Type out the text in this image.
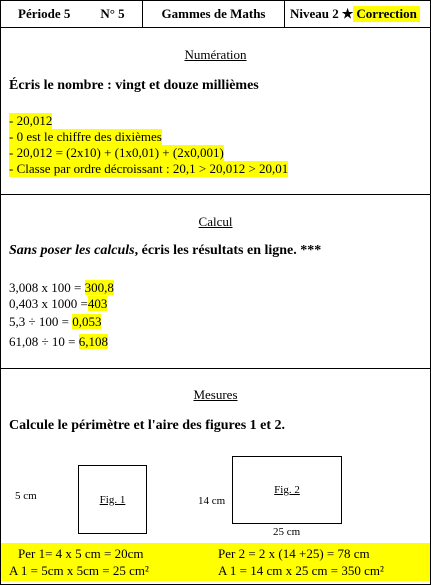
Période 5 N° 5	Gammes de Maths Niveau 2 ★ Correction
Numération
Écris le nombre : vingt et douze millièmes
- 20,012
- 0 est le chiffre des dixièmes
- 20,012 = (2x10) + (1x0,01) + (2x0,001)
- Classe par ordre décroissant : 20,1 > 20,012 > 20,01
Calcul
Sans poser les calculs, écris les résultats en ligne. ***
3,008 x 100 = 300,8
0,403 x 1000 =403
5,3 ÷ 100 = 0,053
61,08 ÷ 10 = 6,108
Mesures
Calcule le périmètre et l'aire des figures 1 et 2.
5 cm	Fig. 1	14 cm
Fig. 2
25 cm
Per 1= 4 x 5 cm = 20cm
A 1 = 5cm x 5cm = 25 cm²
Per 2 = 2 x (14 +25) = 78 cm
A 1 = 14 cm x 25 cm = 350 cm²
